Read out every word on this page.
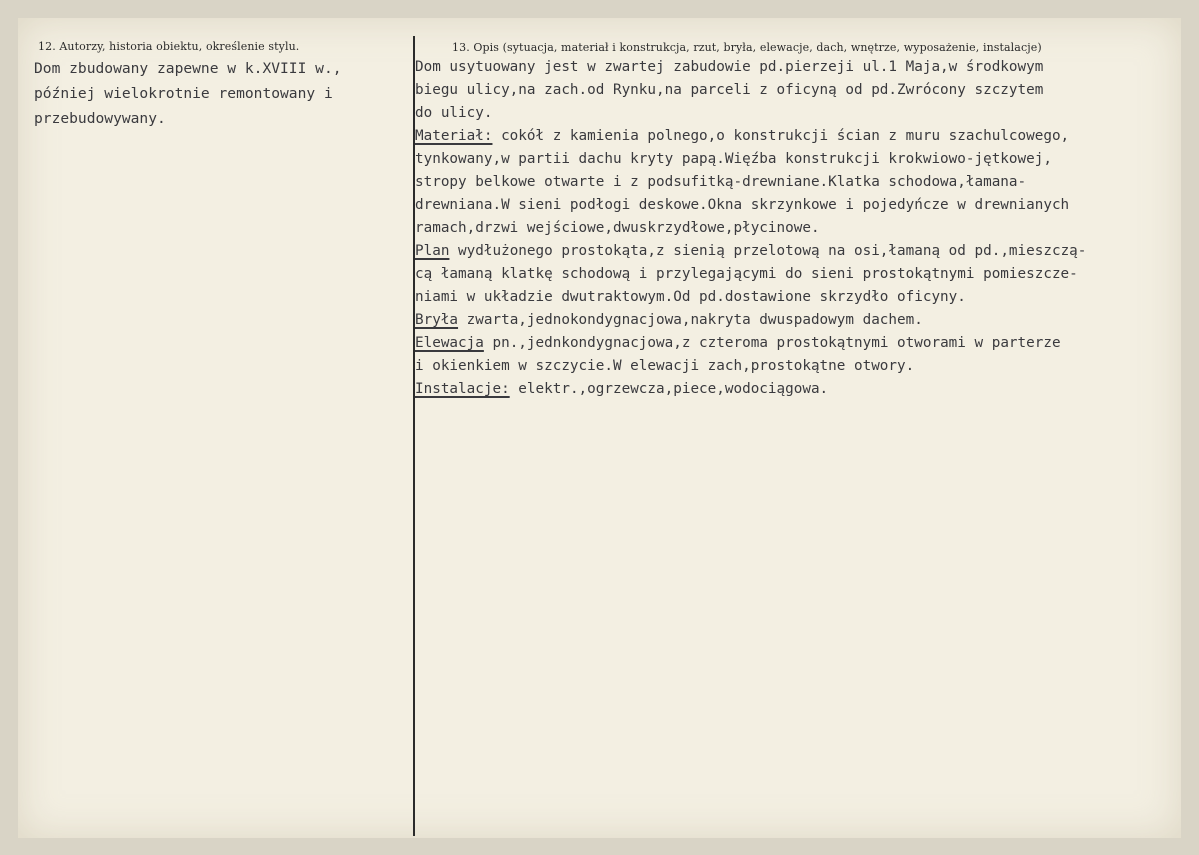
12. Autorzy, historia obiektu, określenie stylu.	13. Opis (sytuacja, materiał i konstrukcja, rzut, bryła, elewacje, dach, wnętrze, wyposażenie, instalacje)
Dom zbudowany zapewne w k.XVIII w.,
później wielokrotnie remontowany i
przebudowywany.
Dom usytuowany jest w zwartej zabudowie pd.pierzeji ul.1 Maja,w środkowym
biegu ulicy,na zach.od Rynku,na parceli z oficyną od pd.Zwrócony szczytem
do ulicy.
Materiał: cokół z kamienia polnego,o konstrukcji ścian z muru szachulcowego,
tynkowany,w partii dachu kryty papą.Więźba konstrukcji krokwiowo-jętkowej,
stropy belkowe otwarte i z podsufitką-drewniane.Klatka schodowa,łamana-
drewniana.W sieni podłogi deskowe.Okna skrzynkowe i pojedyńcze w drewnianych
ramach,drzwi wejściowe,dwuskrzydłowe,płycinowe.
Plan wydłużonego prostokąta,z sienią przelotową na osi,łamaną od pd.,mieszczą-
cą łamaną klatkę schodową i przylegającymi do sieni prostokątnymi pomieszcze-
niami w układzie dwutraktowym.Od pd.dostawione skrzydło oficyny.
Bryła zwarta,jednokondygnacjowa,nakryta dwuspadowym dachem.
Elewacja pn.,jednkondygnacjowa,z czteroma prostokątnymi otworami w parterze
i okienkiem w szczycie.W elewacji zach,prostokątne otwory.
Instalacje: elektr.,ogrzewcza,piece,wodociągowa.
